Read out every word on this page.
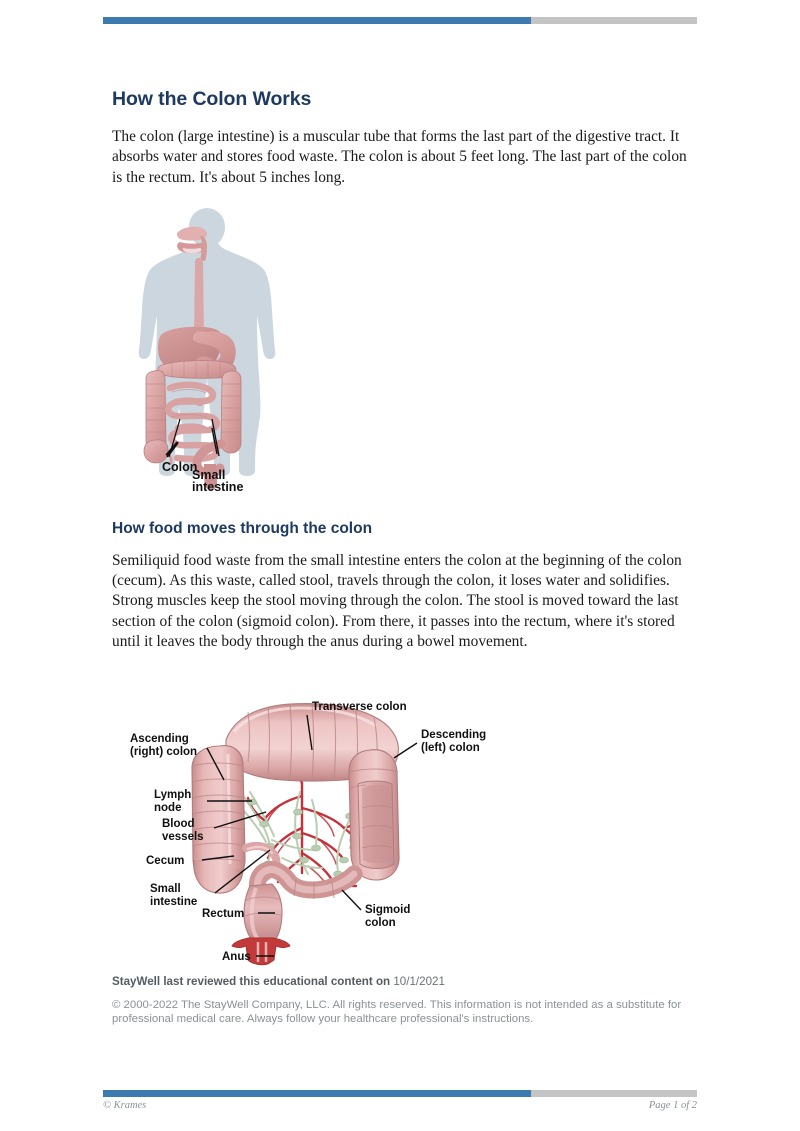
How the Colon Works

The colon (large intestine) is a muscular tube that forms the last part of the digestive tract. It absorbs water and stores food waste. The colon is about 5 feet long. The last part of the colon is the rectum. It's about 5 inches long.

Colon
Small
intestine
How food moves through the colon

Semiliquid food waste from the small intestine enters the colon at the beginning of the colon (cecum). As this waste, called stool, travels through the colon, it loses water and solidifies. Strong muscles keep the stool moving through the colon. The stool is moved toward the last section of the colon (sigmoid colon). From there, it passes into the rectum, where it's stored until it leaves the body through the anus during a bowel movement.

Transverse colon
Ascending
(right) colon
Descending
(left) colon
Lymph
node
Blood
vessels
Cecum
Small
intestine
Rectum	Sigmoid
colon
Anus

StayWell last reviewed this educational content on 10/1/2021

© 2000-2022 The StayWell Company, LLC. All rights reserved. This information is not intended as a substitute for professional medical care. Always follow your healthcare professional's instructions.

© Krames	Page 1 of 2
